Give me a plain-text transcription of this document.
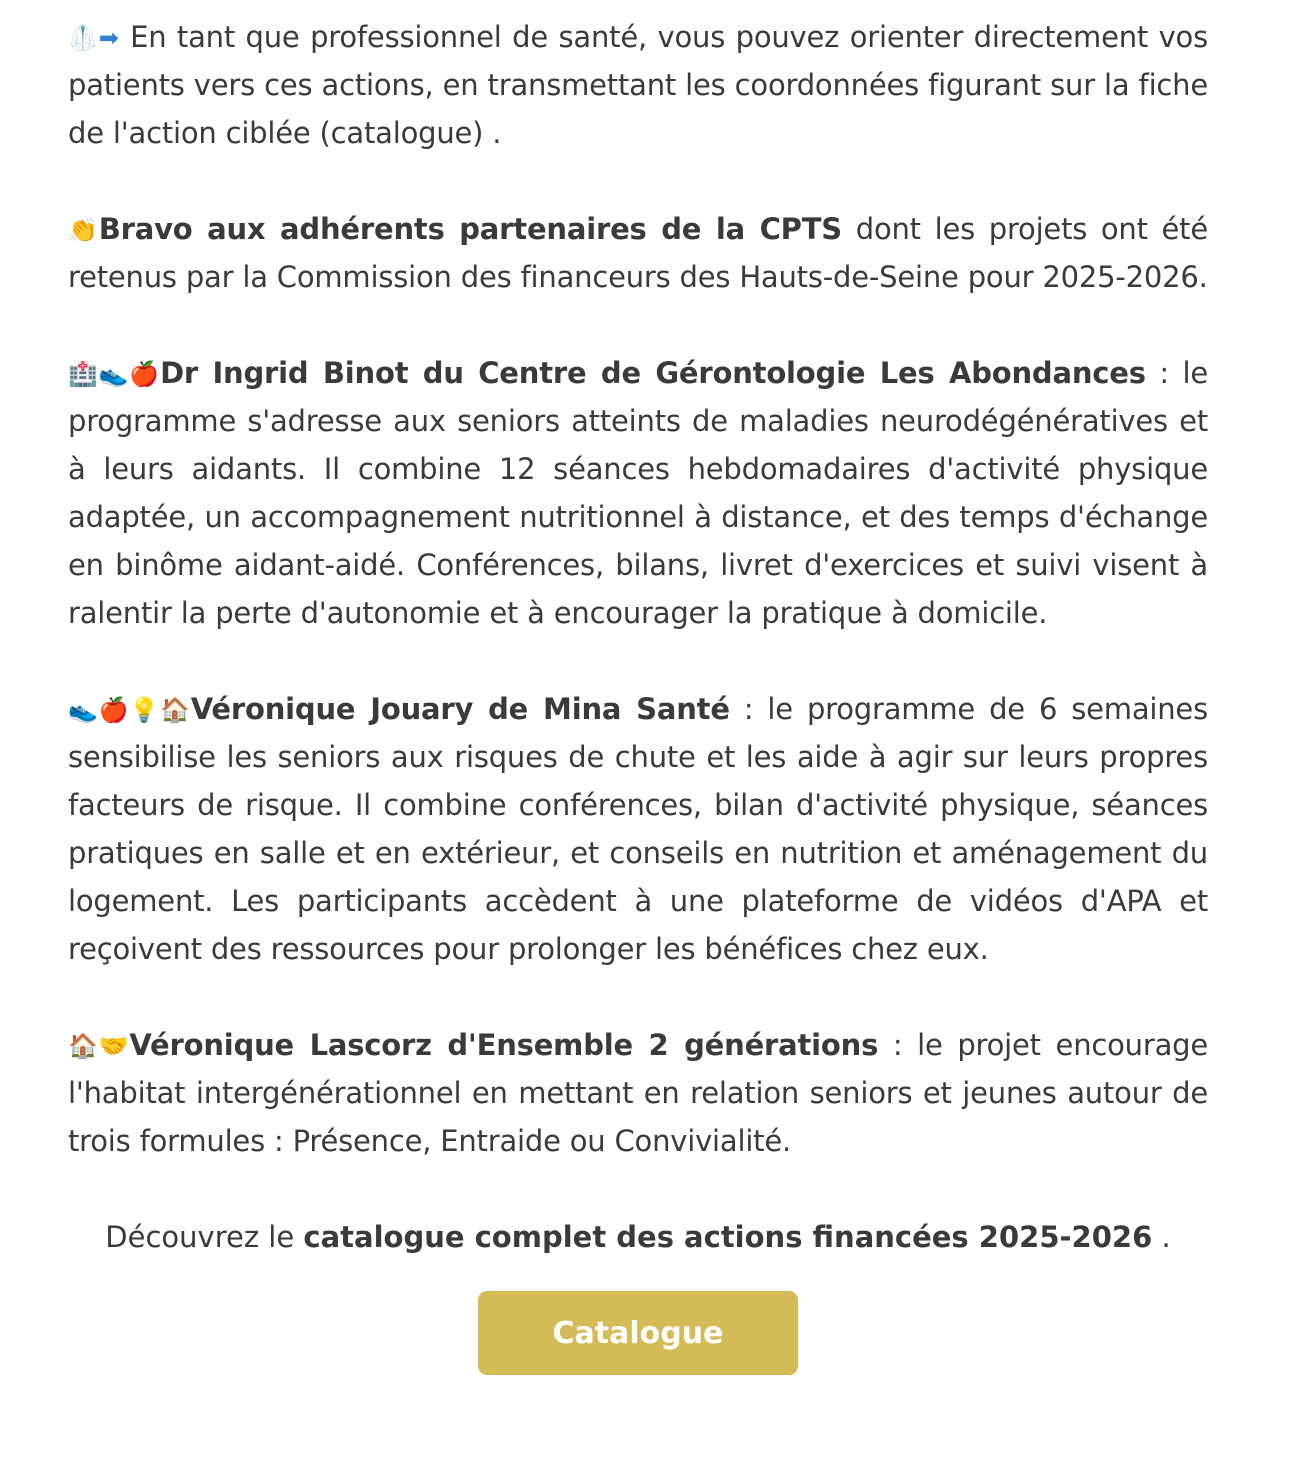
🥼➡ En tant que professionnel de santé, vous pouvez orienter directement vos patients vers ces actions, en transmettant les coordonnées figurant sur la fiche de l'action ciblée (catalogue) .

👏Bravo aux adhérents partenaires de la CPTS dont les projets ont été retenus par la Commission des financeurs des Hauts-de-Seine pour 2025-2026.

🏥👟🍎Dr Ingrid Binot du Centre de Gérontologie Les Abondances : le programme s'adresse aux seniors atteints de maladies neurodégénératives et à leurs aidants. Il combine 12 séances hebdomadaires d'activité physique adaptée, un accompagnement nutritionnel à distance, et des temps d'échange en binôme aidant-aidé. Conférences, bilans, livret d'exercices et suivi visent à ralentir la perte d'autonomie et à encourager la pratique à domicile.

👟🍎💡🏠Véronique Jouary de Mina Santé : le programme de 6 semaines sensibilise les seniors aux risques de chute et les aide à agir sur leurs propres facteurs de risque. Il combine conférences, bilan d'activité physique, séances pratiques en salle et en extérieur, et conseils en nutrition et aménagement du logement. Les participants accèdent à une plateforme de vidéos d'APA et reçoivent des ressources pour prolonger les bénéfices chez eux.

🏠🤝Véronique Lascorz d'Ensemble 2 générations : le projet encourage l'habitat intergénérationnel en mettant en relation seniors et jeunes autour de trois formules : Présence, Entraide ou Convivialité.

Découvrez le catalogue complet des actions financées 2025-2026 .
Catalogue
